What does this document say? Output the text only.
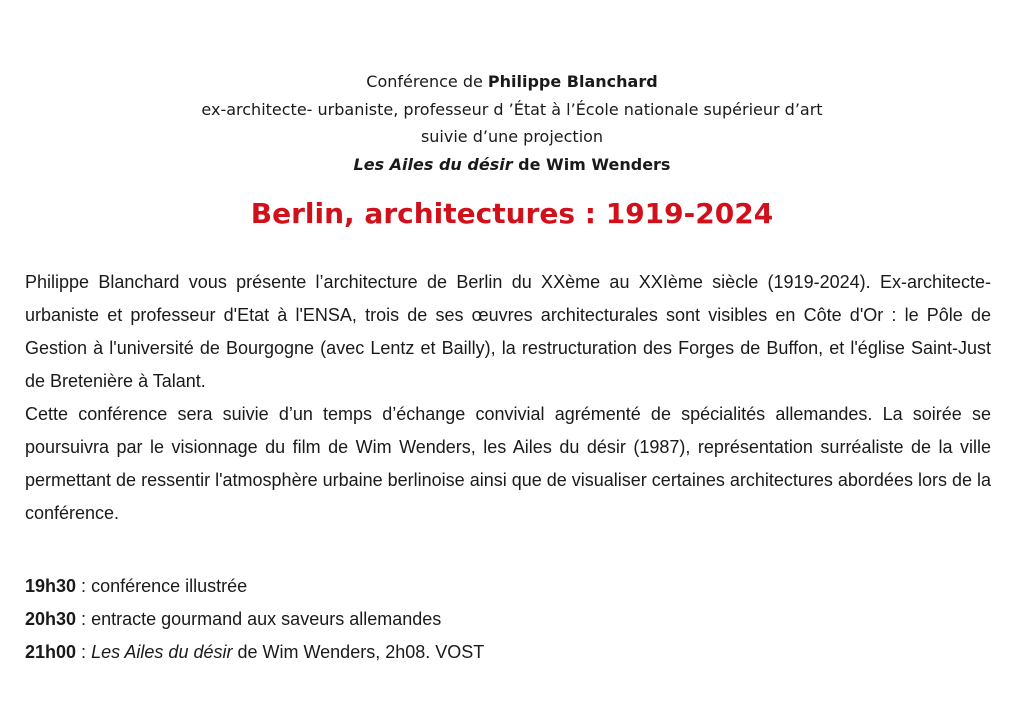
Conférence de Philippe Blanchard
ex-architecte- urbaniste, professeur d ’État à l’École nationale supérieur d’art
suivie d’une projection
Les Ailes du désir de Wim Wenders
Berlin, architectures : 1919-2024

Philippe Blanchard vous présente l’architecture de Berlin du XXème au XXIème siècle (1919-2024). Ex-architecte-urbaniste et professeur d'Etat à l'ENSA, trois de ses œuvres architecturales sont visibles en Côte d'Or : le Pôle de Gestion à l'université de Bourgogne (avec Lentz et Bailly), la restructuration des Forges de Buffon, et l'église Saint-Just de Bretenière à Talant.

Cette conférence sera suivie d’un temps d’échange convivial agrémenté de spécialités allemandes. La soirée se poursuivra par le visionnage du film de Wim Wenders, les Ailes du désir (1987), représentation surréaliste de la ville permettant de ressentir l'atmosphère urbaine berlinoise ainsi que de visualiser certaines architectures abordées lors de la conférence.

19h30 : conférence illustrée
20h30 : entracte gourmand aux saveurs allemandes
21h00 : Les Ailes du désir de Wim Wenders, 2h08. VOST
